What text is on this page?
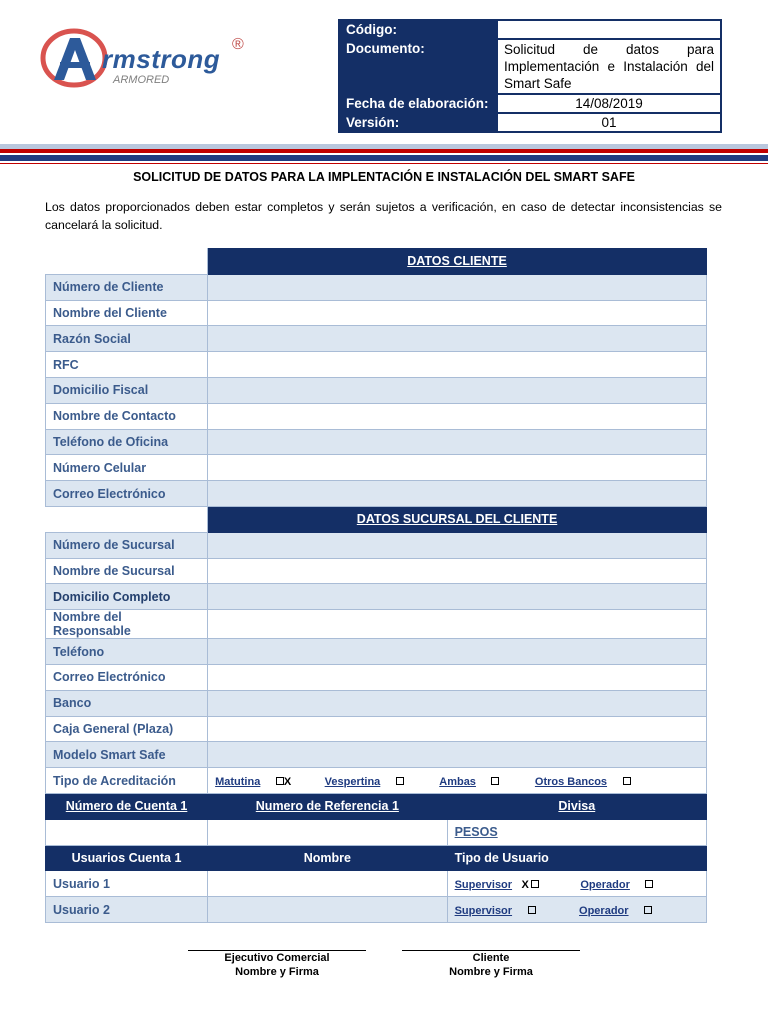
rmstrong ®
ARMORED
Código:	
Documento:	Solicitud de datos para Implementación e Instalación del Smart Safe
Fecha de elaboración:	14/08/2019
Versión:	01
SOLICITUD DE DATOS PARA LA IMPLENTACIÓN E INSTALACIÓN DEL SMART SAFE
Los datos proporcionados deben estar completos y serán sujetos a verificación, en caso de detectar inconsistencias se cancelará la solicitud.
	DATOS CLIENTE	
Número de Cliente		
Nombre del Cliente		
Razón Social		
RFC		
Domicilio Fiscal		
Nombre de Contacto		
Teléfono de Oficina		
Número Celular		
Correo Electrónico		
	DATOS SUCURSAL DEL CLIENTE	
Número de Sucursal		
Nombre de Sucursal		
Domicilio Completo		
Nombre del Responsable		
Teléfono		
Correo Electrónico		
Banco		
Caja General (Plaza)		
Modelo Smart Safe		
Tipo de Acreditación	Matutina X Vespertina Ambas Otros Bancos	
Número de Cuenta 1	Numero de Referencia 1	Divisa
		PESOS
Usuarios Cuenta 1	Nombre	Tipo de Usuario
Usuario 1		Supervisor X Operador
Usuario 2		Supervisor Operador
Ejecutivo Comercial
Nombre y Firma
Cliente
Nombre y Firma
